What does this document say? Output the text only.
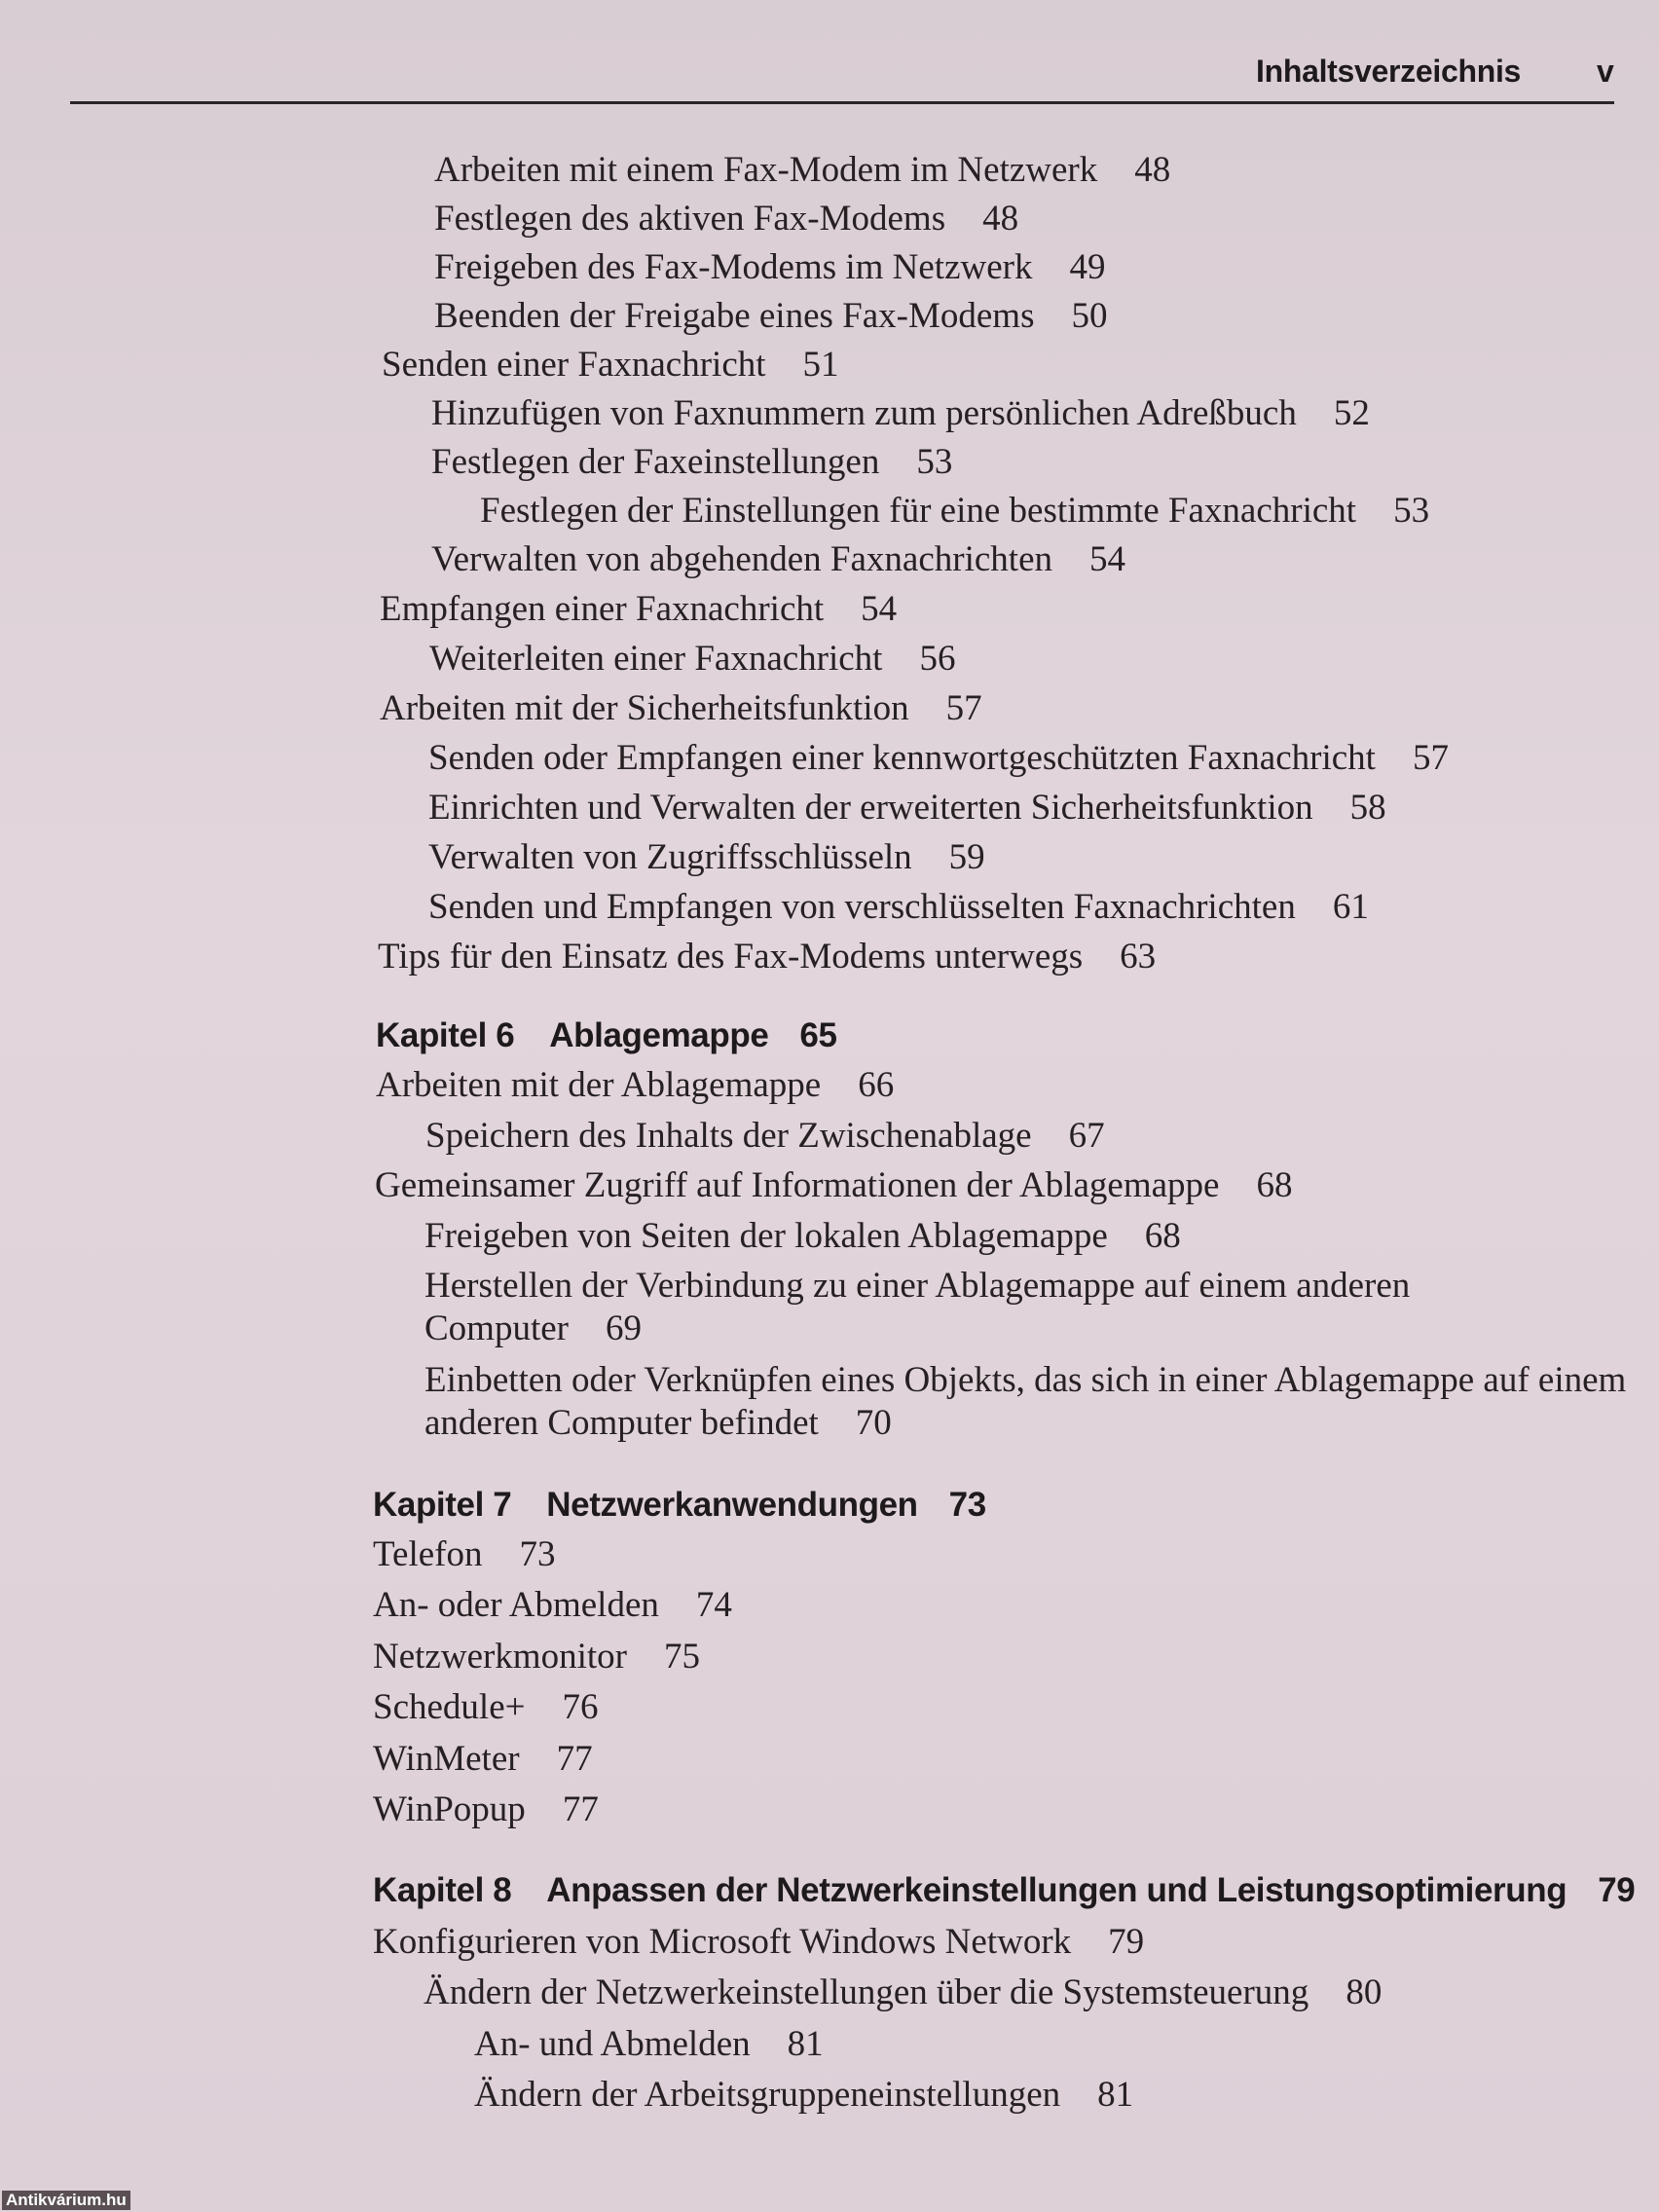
Inhaltsverzeichnis v
Arbeiten mit einem Fax-Modem im Netzwerk 48
Festlegen des aktiven Fax-Modems 48
Freigeben des Fax-Modems im Netzwerk 49
Beenden der Freigabe eines Fax-Modems 50
Senden einer Faxnachricht 51
Hinzufügen von Faxnummern zum persönlichen Adreßbuch 52
Festlegen der Faxeinstellungen 53
Festlegen der Einstellungen für eine bestimmte Faxnachricht 53
Verwalten von abgehenden Faxnachrichten 54
Empfangen einer Faxnachricht 54
Weiterleiten einer Faxnachricht 56
Arbeiten mit der Sicherheitsfunktion 57
Senden oder Empfangen einer kennwortgeschützten Faxnachricht 57
Einrichten und Verwalten der erweiterten Sicherheitsfunktion 58
Verwalten von Zugriffsschlüsseln 59
Senden und Empfangen von verschlüsselten Faxnachrichten 61
Tips für den Einsatz des Fax-Modems unterwegs 63
Kapitel 6 Ablagemappe 65
Arbeiten mit der Ablagemappe 66
Speichern des Inhalts der Zwischenablage 67
Gemeinsamer Zugriff auf Informationen der Ablagemappe 68
Freigeben von Seiten der lokalen Ablagemappe 68
Herstellen der Verbindung zu einer Ablagemappe auf einem anderen Computer 69
Einbetten oder Verknüpfen eines Objekts, das sich in einer Ablagemappe auf einem anderen Computer befindet 70
Kapitel 7 Netzwerkanwendungen 73
Telefon 73
An- oder Abmelden 74
Netzwerkmonitor 75
Schedule+ 76
WinMeter 77
WinPopup 77
Kapitel 8 Anpassen der Netzwerkeinstellungen und Leistungsoptimierung 79
Konfigurieren von Microsoft Windows Network 79
Ändern der Netzwerkeinstellungen über die Systemsteuerung 80
An- und Abmelden 81
Ändern der Arbeitsgruppeneinstellungen 81
Antikvárium.hu
